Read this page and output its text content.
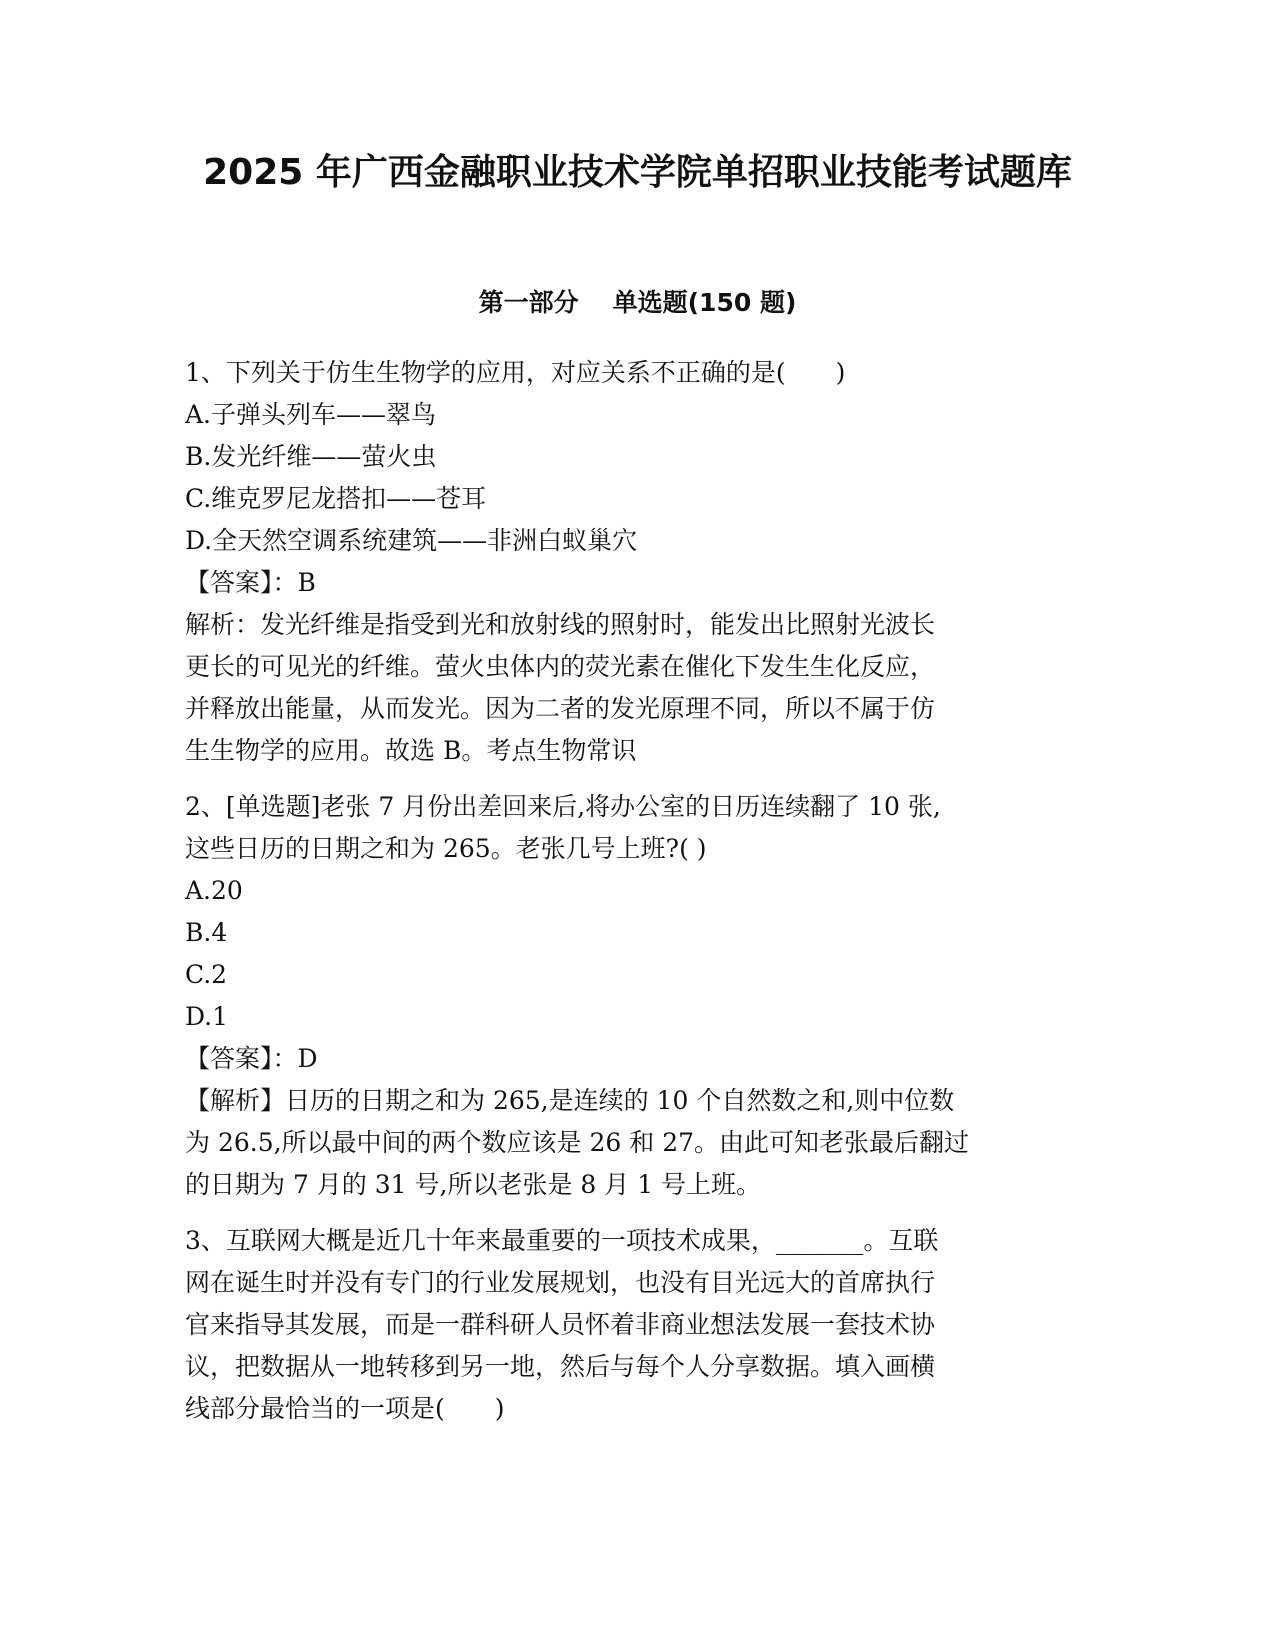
2025 年广西金融职业技术学院单招职业技能考试题库
第一部分 单选题(150 题)
1、下列关于仿生生物学的应用，对应关系不正确的是(　　)
A.子弹头列车——翠鸟
B.发光纤维——萤火虫
C.维克罗尼龙搭扣——苍耳
D.全天然空调系统建筑——非洲白蚁巢穴
【答案】：B
解析：发光纤维是指受到光和放射线的照射时，能发出比照射光波长
更长的可见光的纤维。萤火虫体内的荧光素在催化下发生生化反应，
并释放出能量，从而发光。因为二者的发光原理不同，所以不属于仿
生生物学的应用。故选 B。考点生物常识
2、[单选题]老张 7 月份出差回来后,将办公室的日历连续翻了 10 张,
这些日历的日期之和为 265。老张几号上班?( )
A.20
B.4
C.2
D.1
【答案】：D
【解析】日历的日期之和为 265,是连续的 10 个自然数之和,则中位数
为 26.5,所以最中间的两个数应该是 26 和 27。由此可知老张最后翻过
的日期为 7 月的 31 号,所以老张是 8 月 1 号上班。
3、互联网大概是近几十年来最重要的一项技术成果，_______。互联
网在诞生时并没有专门的行业发展规划，也没有目光远大的首席执行
官来指导其发展，而是一群科研人员怀着非商业想法发展一套技术协
议，把数据从一地转移到另一地，然后与每个人分享数据。填入画横
线部分最恰当的一项是(　　)
